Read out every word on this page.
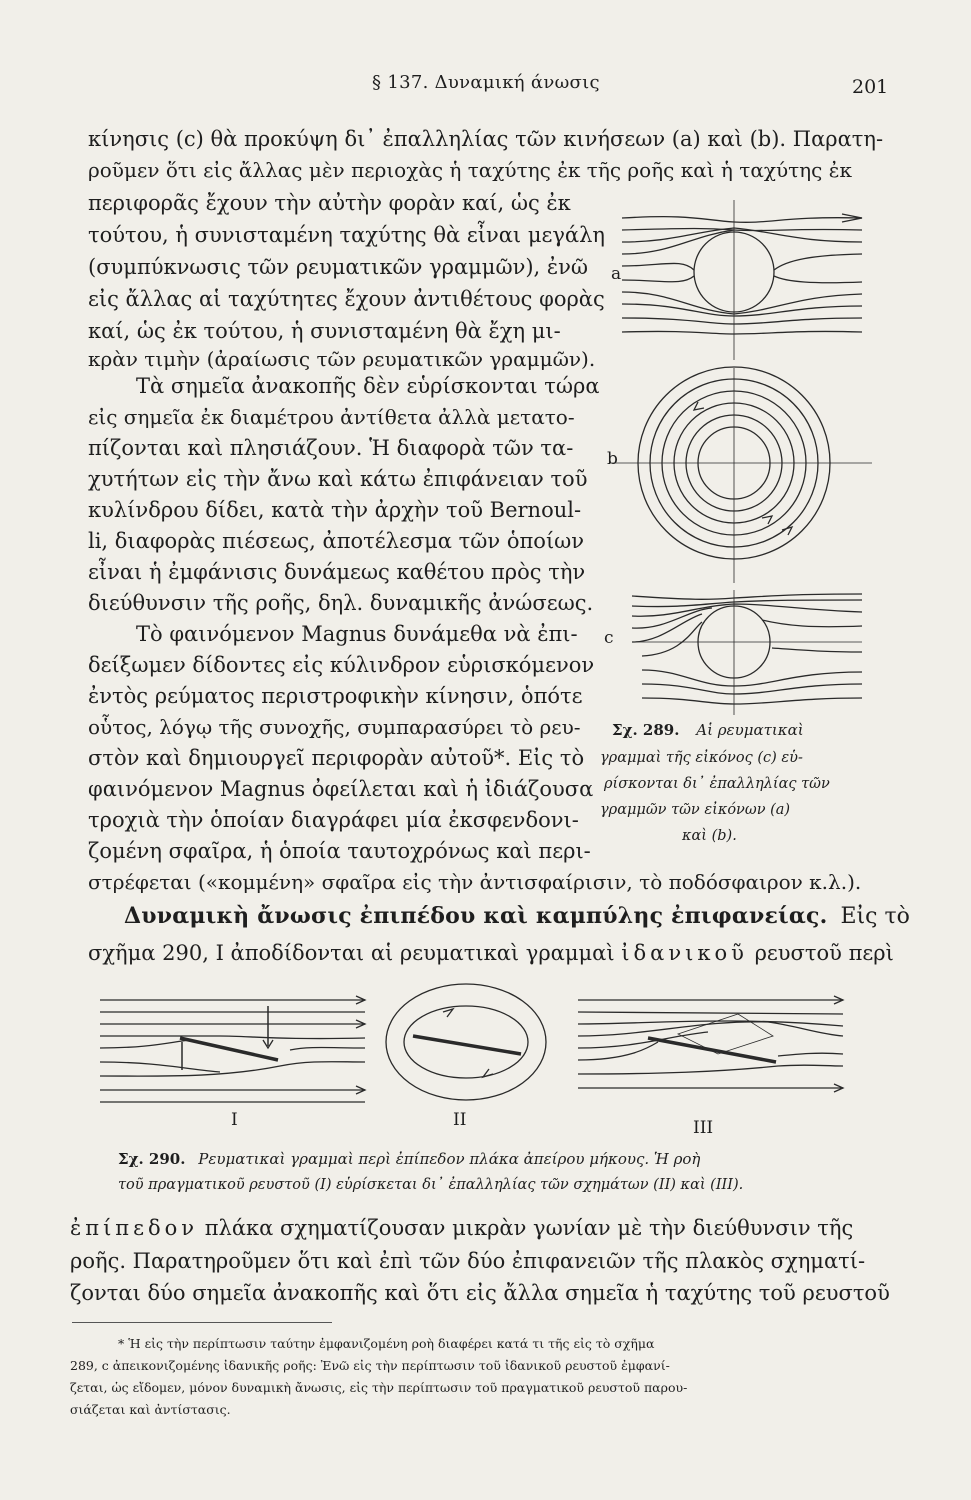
§ 137. Δυναμική άνωσις	201
κίνησις (c) θὰ προκύψη δι᾽ ἐπαλληλίας τῶν κινήσεων (a) καὶ (b). Παρατη-
ροῦμεν ὅτι εἰς ἄλλας μὲν περιοχὰς ἡ ταχύτης ἐκ τῆς ροῆς καὶ ἡ ταχύτης ἐκ
περιφορᾶς ἔχουν τὴν αὐτὴν φορὰν καί, ὡς ἐκ
τούτου, ἡ συνισταμένη ταχύτης θὰ εἶναι μεγάλη
(συμπύκνωσις τῶν ρευματικῶν γραμμῶν), ἐνῶ
εἰς ἄλλας αἱ ταχύτητες ἔχουν ἀντιθέτους φορὰς
καί, ὡς ἐκ τούτου, ἡ συνισταμένη θὰ ἔχη μι-
κρὰν τιμὴν (ἀραίωσις τῶν ρευματικῶν γραμμῶν).
Τὰ σημεῖα ἀνακοπῆς δὲν εὑρίσκονται τώρα
εἰς σημεῖα ἐκ διαμέτρου ἀντίθετα ἀλλὰ μετατο-
πίζονται καὶ πλησιάζουν. Ἡ διαφορὰ τῶν τα-
χυτήτων εἰς τὴν ἄνω καὶ κάτω ἐπιφάνειαν τοῦ
κυλίνδρου δίδει, κατὰ τὴν ἀρχὴν τοῦ Bernoul-
li, διαφορὰς πιέσεως, ἀποτέλεσμα τῶν ὁποίων
εἶναι ἡ ἐμφάνισις δυνάμεως καθέτου πρὸς τὴν
διεύθυνσιν τῆς ροῆς, δηλ. δυναμικῆς ἀνώσεως.
Τὸ φαινόμενον Magnus δυνάμεθα νὰ ἐπι-
δείξωμεν δίδοντες εἰς κύλινδρον εὑρισκόμενον
ἐντὸς ρεύματος περιστροφικὴν κίνησιν, ὁπότε
οὗτος, λόγῳ τῆς συνοχῆς, συμπαρασύρει τὸ ρευ-
στὸν καὶ δημιουργεῖ περιφορὰν αὐτοῦ*. Εἰς τὸ
φαινόμενον Magnus ὀφείλεται καὶ ἡ ἰδιάζουσα
τροχιὰ τὴν ὁποίαν διαγράφει μία ἐκσφενδονι-
ζομένη σφαῖρα, ἡ ὁποία ταυτοχρόνως καὶ περι-
στρέφεται («κομμένη» σφαῖρα εἰς τὴν ἀντισφαίρισιν, τὸ ποδόσφαιρον κ.λ.).
a
b
c
Σχ. 289. Αἱ ρευματικαὶ
γραμμαὶ τῆς εἰκόνος (c) εὑ-
ρίσκονται δι᾽ ἐπαλληλίας τῶν
γραμμῶν τῶν εἰκόνων (a)
καὶ (b).
Δυναμικὴ ἄνωσις ἐπιπέδου καὶ καμπύλης ἐπιφανείας. Εἰς τὸ
σχῆμα 290, I ἀποδίδονται αἱ ρευματικαὶ γραμμαὶ ἰδανικοῦ ρευστοῦ περὶ
I	II	III
Σχ. 290. Ρευματικαὶ γραμμαὶ περὶ ἐπίπεδον πλάκα ἀπείρου μήκους. Ἡ ροὴ
τοῦ πραγματικοῦ ρευστοῦ (I) εὑρίσκεται δι᾽ ἐπαλληλίας τῶν σχημάτων (II) καὶ (III).
ἐπίπεδον πλάκα σχηματίζουσαν μικρὰν γωνίαν μὲ τὴν διεύθυνσιν τῆς
ροῆς. Παρατηροῦμεν ὅτι καὶ ἐπὶ τῶν δύο ἐπιφανειῶν τῆς πλακὸς σχηματί-
ζονται δύο σημεῖα ἀνακοπῆς καὶ ὅτι εἰς ἄλλα σημεῖα ἡ ταχύτης τοῦ ρευστοῦ
* Ἡ εἰς τὴν περίπτωσιν ταύτην ἐμφανιζομένη ροὴ διαφέρει κατά τι τῆς εἰς τὸ σχῆμα
289, c ἀπεικονιζομένης ἰδανικῆς ροῆς: Ἐνῶ εἰς τὴν περίπτωσιν τοῦ ἰδανικοῦ ρευστοῦ ἐμφανί-
ζεται, ὡς εἴδομεν, μόνον δυναμικὴ ἄνωσις, εἰς τὴν περίπτωσιν τοῦ πραγματικοῦ ρευστοῦ παρου-
σιάζεται καὶ ἀντίστασις.
